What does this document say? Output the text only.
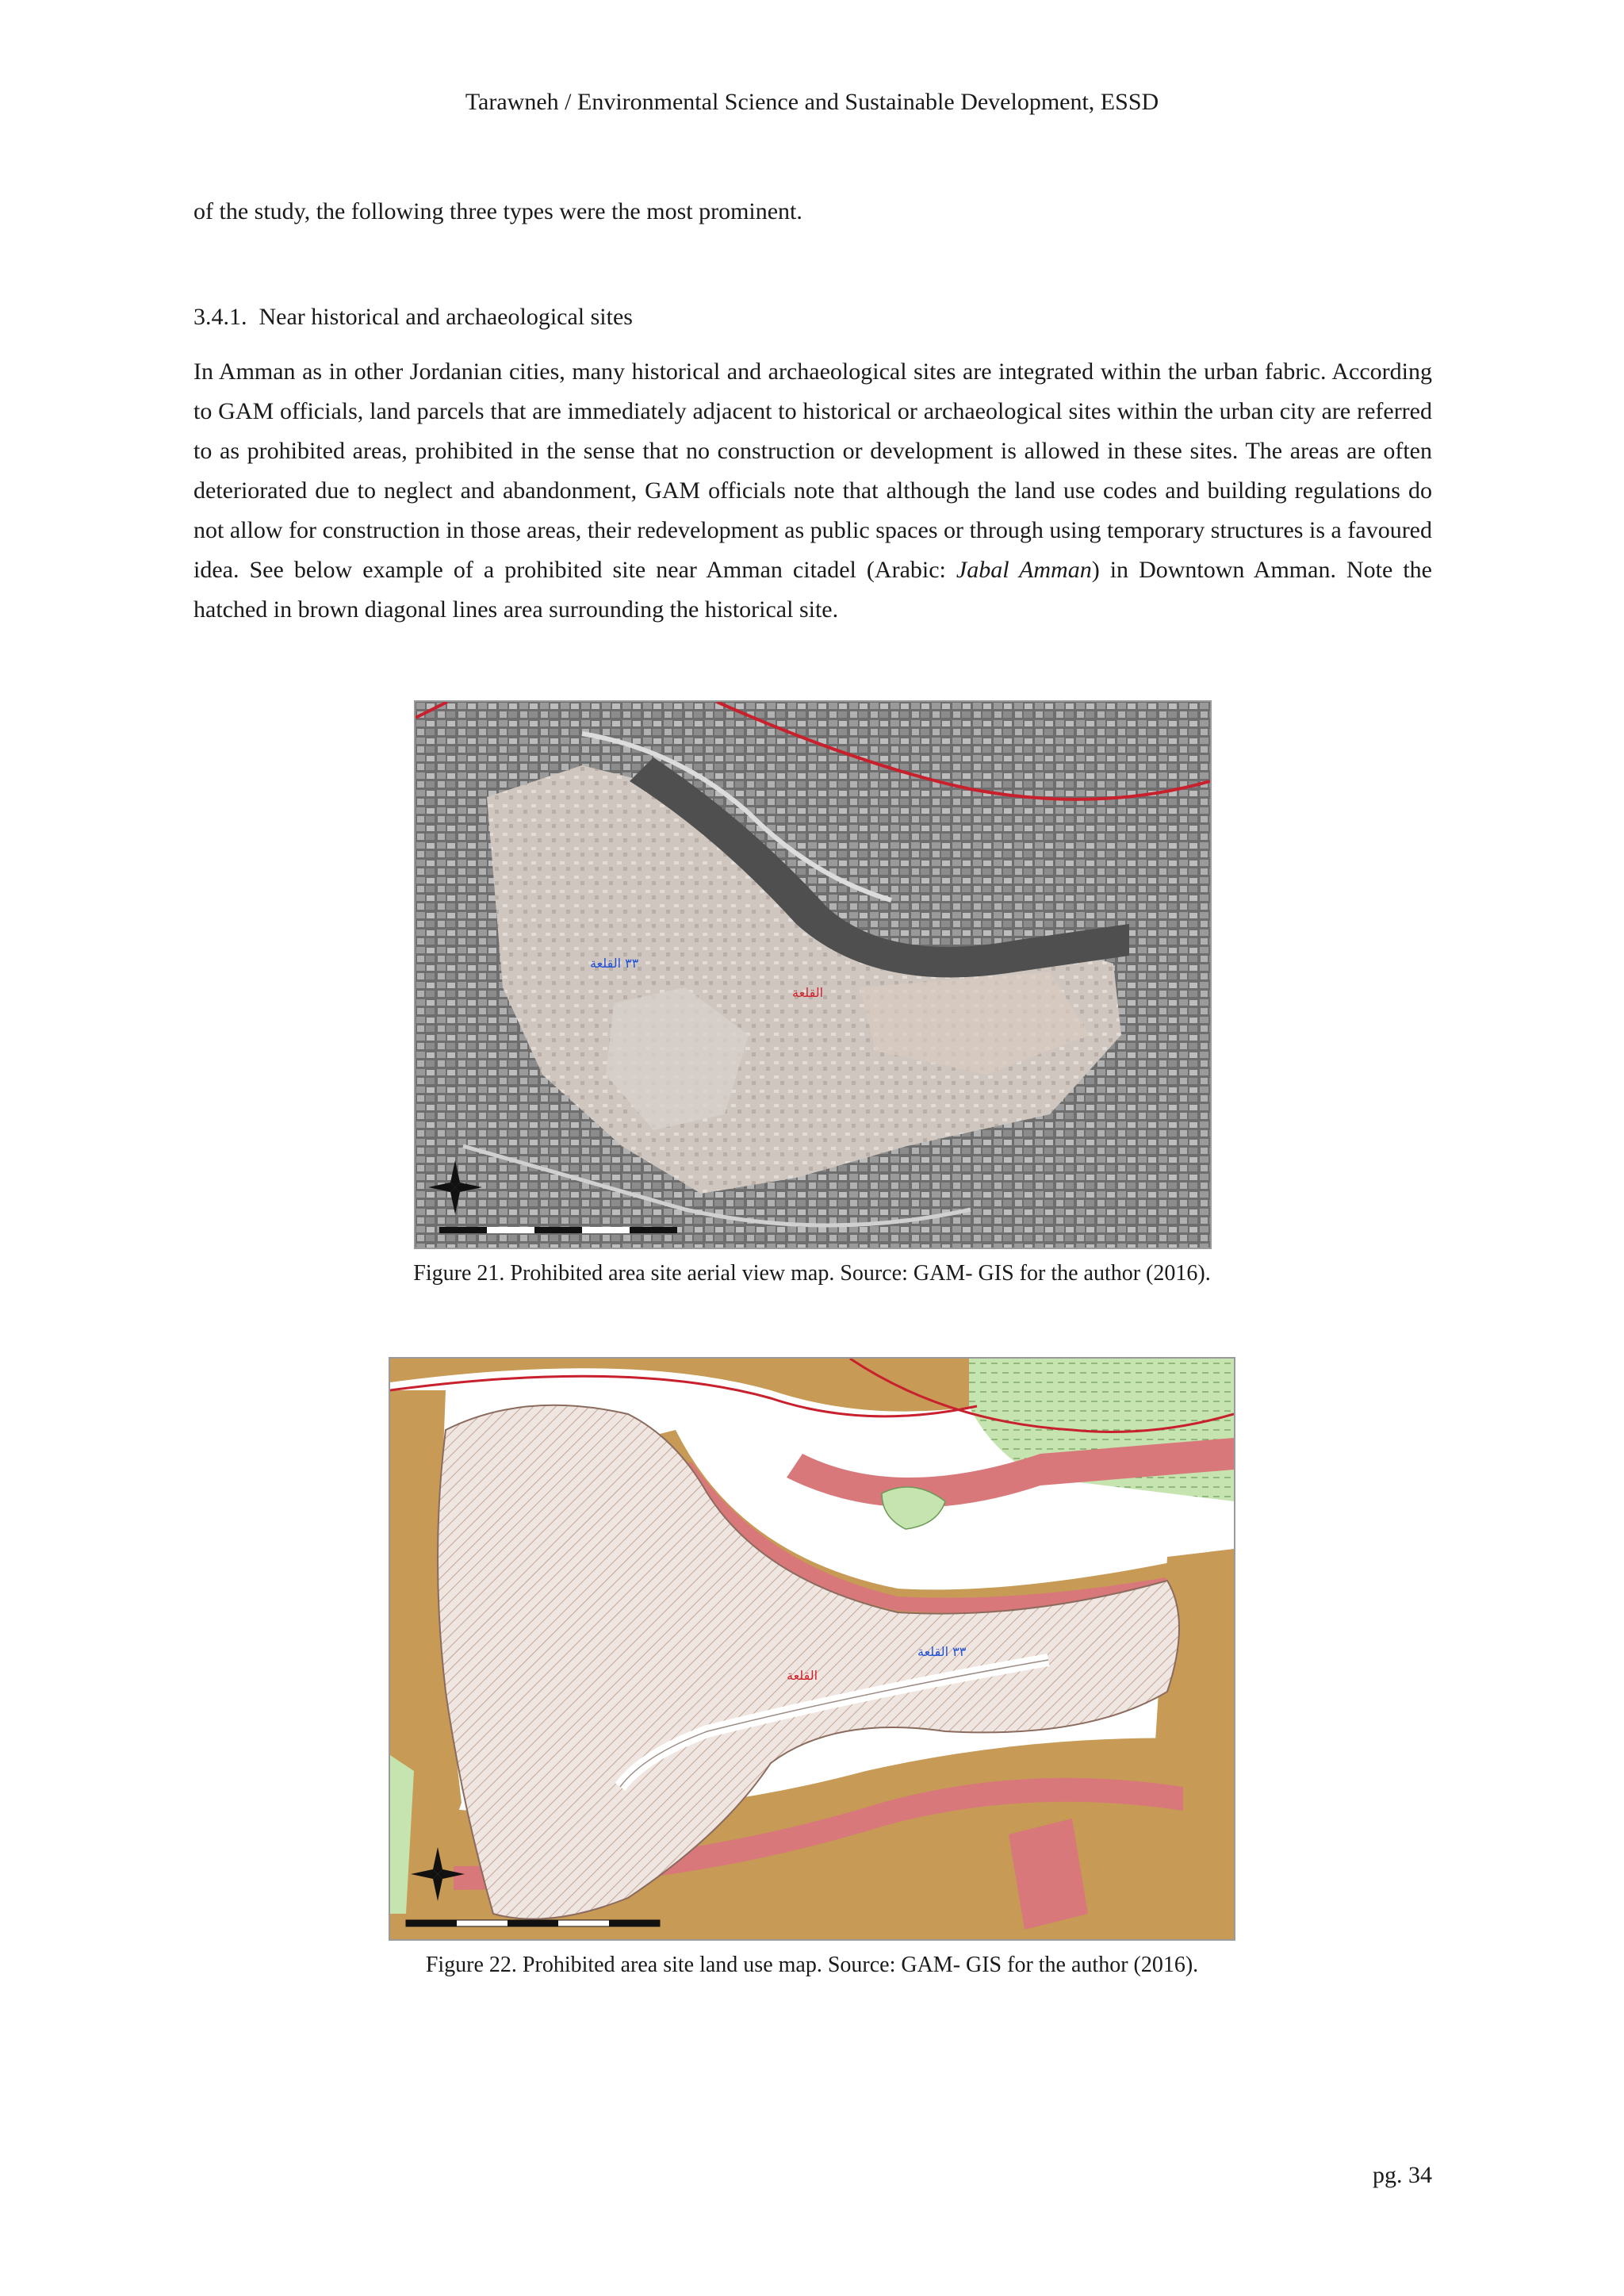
Tarawneh / Environmental Science and Sustainable Development, ESSD
of the study, the following three types were the most prominent.
3.4.1. Near historical and archaeological sites
In Amman as in other Jordanian cities, many historical and archaeological sites are integrated within the urban fabric. According to GAM officials, land parcels that are immediately adjacent to historical or archaeological sites within the urban city are referred to as prohibited areas, prohibited in the sense that no construction or development is allowed in these sites. The areas are often deteriorated due to neglect and abandonment, GAM officials note that although the land use codes and building regulations do not allow for construction in those areas, their redevelopment as public spaces or through using temporary structures is a favoured idea. See below example of a prohibited site near Amman citadel (Arabic: Jabal Amman) in Downtown Amman. Note the hatched in brown diagonal lines area surrounding the historical site.
٣٣ القلعة
القلعة
Figure 21. Prohibited area site aerial view map. Source: GAM- GIS for the author (2016).
٣٣ القلعة
القلعة
Figure 22. Prohibited area site land use map. Source: GAM- GIS for the author (2016).
pg. 34
